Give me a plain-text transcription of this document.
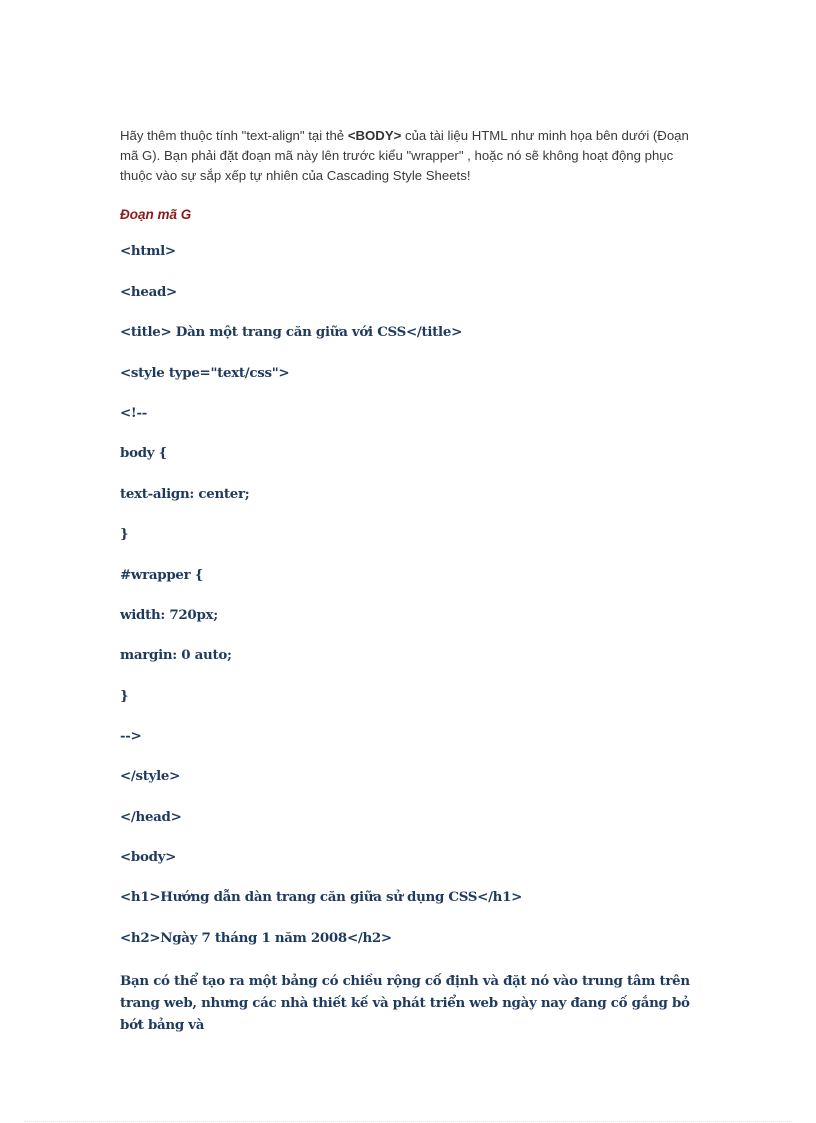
Hãy thêm thuộc tính "text-align" tại thẻ <BODY> của tài liệu HTML như minh họa bên dưới (Đoạn mã G). Bạn phải đặt đoạn mã này lên trước kiểu "wrapper" , hoặc nó sẽ không hoạt động phục thuộc vào sự sắp xếp tự nhiên của Cascading Style Sheets!
Đoạn mã G
<html>
<head>
<title> Dàn một trang căn giữa với CSS</title>
<style type="text/css">
<!--
body {
text-align: center;
}
#wrapper {
width: 720px;
margin: 0 auto;
}
-->
</style>
</head>
<body>
<h1>Hướng dẫn dàn trang căn giữa sử dụng CSS</h1>
<h2>Ngày 7 tháng 1 năm 2008</h2>
Bạn có thể tạo ra một bảng có chiều rộng cố định và đặt nó vào trung tâm trên trang web, nhưng các nhà thiết kế và phát triển web ngày nay đang cố gắng bỏ bớt bảng và
